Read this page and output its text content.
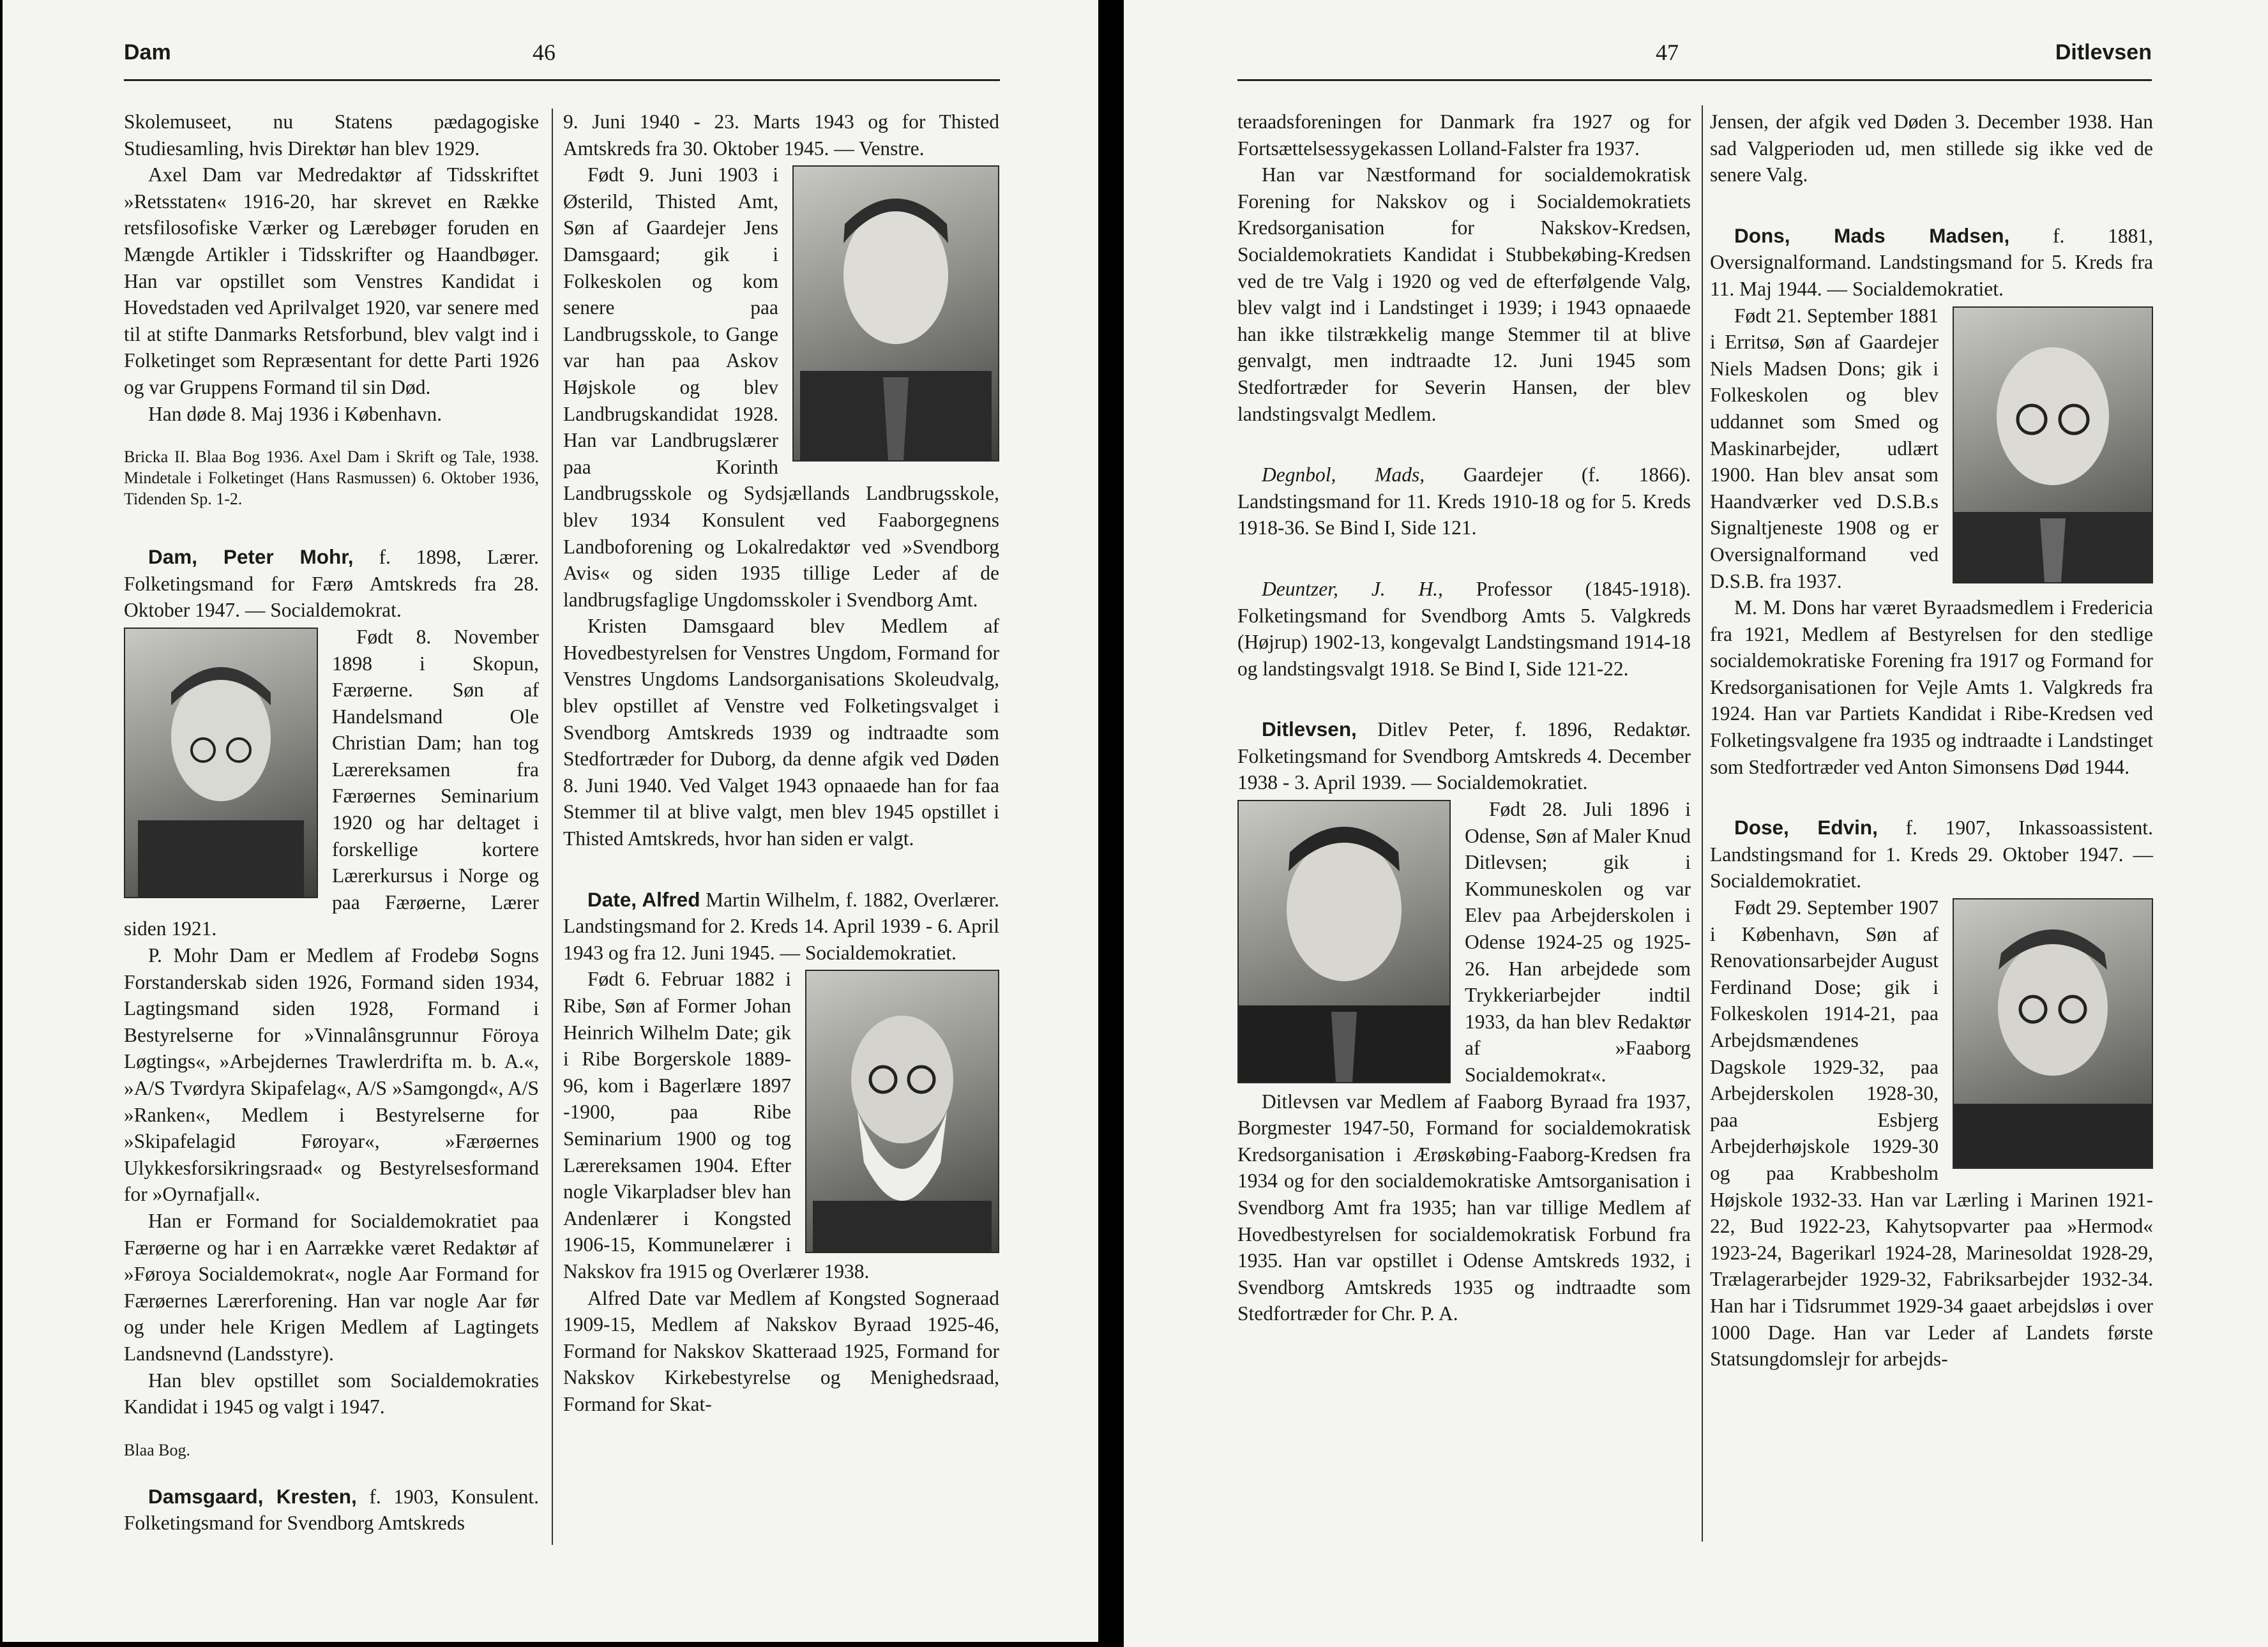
Dam	46

Skolemuseet, nu Statens pædagogiske Studiesamling, hvis Direktør han blev 1929.

Axel Dam var Medredaktør af Tidsskriftet »Retsstaten« 1916-20, har skrevet en Række retsfilosofiske Værker og Lærebøger foruden en Mængde Artikler i Tidsskrifter og Haandbøger. Han var opstillet som Venstres Kandidat i Hovedstaden ved Aprilvalget 1920, var senere med til at stifte Danmarks Retsforbund, blev valgt ind i Folketinget som Repræsentant for dette Parti 1926 og var Gruppens Formand til sin Død.

Han døde 8. Maj 1936 i København.

Bricka II. Blaa Bog 1936. Axel Dam i Skrift og Tale, 1938. Mindetale i Folketinget (Hans Rasmussen) 6. Oktober 1936, Tidenden Sp. 1-2.

Dam, Peter Mohr, f. 1898, Lærer. Folketingsmand for Færø Amtskreds fra 28. Oktober 1947. — Socialdemokrat.

Født 8. November 1898 i Skopun, Færøerne. Søn af Handelsmand Ole Christian Dam; han tog Lærereksamen fra Færøernes Seminarium 1920 og har deltaget i forskellige kortere Lærerkursus i Norge og paa Færøerne, Lærer siden 1921.

P. Mohr Dam er Medlem af Frodebø Sogns Forstanderskab siden 1926, Formand siden 1934, Lagtingsmand siden 1928, Formand i Bestyrelserne for »Vinnalânsgrunnur Föroya Løgtings«, »Arbejdernes Trawlerdrifta m. b. A.«, »A/S Tvørdyra Skipafelag«, A/S »Samgongd«, A/S »Ranken«, Medlem i Bestyrelserne for »Skipafelagid Føroyar«, »Færøernes Ulykkesforsikringsraad« og Bestyrelsesformand for »Oyrnafjall«.

Han er Formand for Socialdemokratiet paa Færøerne og har i en Aarrække været Redaktør af »Føroya Socialdemokrat«, nogle Aar Formand for Færøernes Lærerforening. Han var nogle Aar før og under hele Krigen Medlem af Lagtingets Landsnevnd (Landsstyre).

Han blev opstillet som Socialdemokraties Kandidat i 1945 og valgt i 1947.

Blaa Bog.

Damsgaard, Kresten, f. 1903, Konsulent. Folketingsmand for Svendborg Amtskreds

9. Juni 1940 - 23. Marts 1943 og for Thisted Amtskreds fra 30. Oktober 1945. — Venstre.

Født 9. Juni 1903 i Østerild, Thisted Amt, Søn af Gaardejer Jens Damsgaard; gik i Folkeskolen og kom senere paa Landbrugsskole, to Gange var han paa Askov Højskole og blev Landbrugskandidat 1928. Han var Landbrugslærer paa Korinth Landbrugsskole og Sydsjællands Landbrugsskole, blev 1934 Konsulent ved Faaborgegnens Landboforening og Lokalredaktør ved »Svendborg Avis« og siden 1935 tillige Leder af de landbrugsfaglige Ungdomsskoler i Svendborg Amt.

Kristen Damsgaard blev Medlem af Hovedbestyrelsen for Venstres Ungdom, Formand for Venstres Ungdoms Landsorganisations Skoleudvalg, blev opstillet af Venstre ved Folketingsvalget i Svendborg Amtskreds 1939 og indtraadte som Stedfortræder for Duborg, da denne afgik ved Døden 8. Juni 1940. Ved Valget 1943 opnaaede han for faa Stemmer til at blive valgt, men blev 1945 opstillet i Thisted Amtskreds, hvor han siden er valgt.

Date, Alfred Martin Wilhelm, f. 1882, Overlærer. Landstingsmand for 2. Kreds 14. April 1939 - 6. April 1943 og fra 12. Juni 1945. — Socialdemokratiet.

Født 6. Februar 1882 i Ribe, Søn af Former Johan Heinrich Wilhelm Date; gik i Ribe Borgerskole 1889-96, kom i Bagerlære 1897 -1900, paa Ribe Seminarium 1900 og tog Lærereksamen 1904. Efter nogle Vikarpladser blev han Andenlærer i Kongsted 1906-15, Kommunelærer i Nakskov fra 1915 og Overlærer 1938.

Alfred Date var Medlem af Kongsted Sogneraad 1909-15, Medlem af Nakskov Byraad 1925-46, Formand for Nakskov Skatteraad 1925, Formand for Nakskov Kirkebestyrelse og Menighedsraad, Formand for Skat-

47	Ditlevsen

teraadsforeningen for Danmark fra 1927 og for Fortsættelsessygekassen Lolland-Falster fra 1937.

Han var Næstformand for socialdemokratisk Forening for Nakskov og i Socialdemokratiets Kredsorganisation for Nakskov-Kredsen, Socialdemokratiets Kandidat i Stubbekøbing-Kredsen ved de tre Valg i 1920 og ved de efterfølgende Valg, blev valgt ind i Landstinget i 1939; i 1943 opnaaede han ikke tilstrækkelig mange Stemmer til at blive genvalgt, men indtraadte 12. Juni 1945 som Stedfortræder for Severin Hansen, der blev landstingsvalgt Medlem.

Degnbol, Mads, Gaardejer (f. 1866). Landstingsmand for 11. Kreds 1910-18 og for 5. Kreds 1918-36. Se Bind I, Side 121.

Deuntzer, J. H., Professor (1845-1918). Folketingsmand for Svendborg Amts 5. Valgkreds (Højrup) 1902-13, kongevalgt Landstingsmand 1914-18 og landstingsvalgt 1918. Se Bind I, Side 121-22.

Ditlevsen, Ditlev Peter, f. 1896, Redaktør. Folketingsmand for Svendborg Amtskreds 4. December 1938 - 3. April 1939. — Socialdemokratiet.

Født 28. Juli 1896 i Odense, Søn af Maler Knud Ditlevsen; gik i Kommuneskolen og var Elev paa Arbejderskolen i Odense 1924-25 og 1925-26. Han arbejdede som Trykkeriarbejder indtil 1933, da han blev Redaktør af »Faaborg Socialdemokrat«.

Ditlevsen var Medlem af Faaborg Byraad fra 1937, Borgmester 1947-50, Formand for socialdemokratisk Kredsorganisation i Ærøskøbing-Faaborg-Kredsen fra 1934 og for den socialdemokratiske Amtsorganisation i Svendborg Amt fra 1935; han var tillige Medlem af Hovedbestyrelsen for socialdemokratisk Forbund fra 1935. Han var opstillet i Odense Amtskreds 1932, i Svendborg Amtskreds 1935 og indtraadte som Stedfortræder for Chr. P. A.

Jensen, der afgik ved Døden 3. December 1938. Han sad Valgperioden ud, men stillede sig ikke ved de senere Valg.

Dons, Mads Madsen, f. 1881, Oversignalformand. Landstingsmand for 5. Kreds fra 11. Maj 1944. — Socialdemokratiet.

Født 21. September 1881 i Erritsø, Søn af Gaardejer Niels Madsen Dons; gik i Folkeskolen og blev uddannet som Smed og Maskinarbejder, udlært 1900. Han blev ansat som Haandværker ved D.S.B.s Signaltjeneste 1908 og er Oversignalformand ved D.S.B. fra 1937.

M. M. Dons har været Byraadsmedlem i Fredericia fra 1921, Medlem af Bestyrelsen for den stedlige socialdemokratiske Forening fra 1917 og Formand for Kredsorganisationen for Vejle Amts 1. Valgkreds fra 1924. Han var Partiets Kandidat i Ribe-Kredsen ved Folketingsvalgene fra 1935 og indtraadte i Landstinget som Stedfortræder ved Anton Simonsens Død 1944.

Dose, Edvin, f. 1907, Inkassoassistent. Landstingsmand for 1. Kreds 29. Oktober 1947. — Socialdemokratiet.

Født 29. September 1907 i København, Søn af Renovationsarbejder August Ferdinand Dose; gik i Folkeskolen 1914-21, paa Arbejdsmændenes Dagskole 1929-32, paa Arbejderskolen 1928-30, paa Esbjerg Arbejderhøjskole 1929-30 og paa Krabbesholm Højskole 1932-33. Han var Lærling i Marinen 1921-22, Bud 1922-23, Kahytsopvarter paa »Hermod« 1923-24, Bagerikarl 1924-28, Marinesoldat 1928-29, Trælagerarbejder 1929-32, Fabriksarbejder 1932-34. Han har i Tidsrummet 1929-34 gaaet arbejdsløs i over 1000 Dage. Han var Leder af Landets første Statsungdomslejr for arbejds-
